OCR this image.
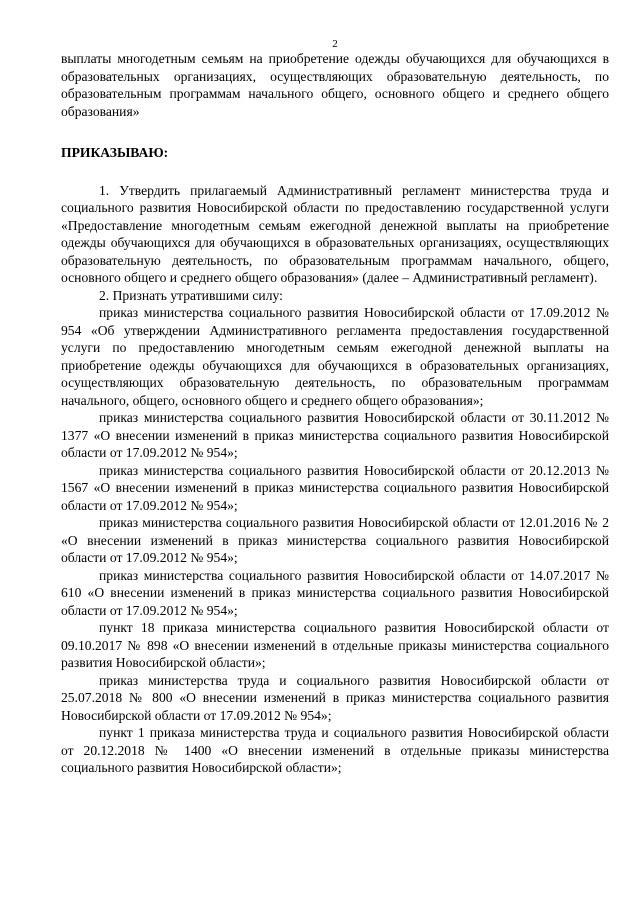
2

выплаты многодетным семьям на приобретение одежды обучающихся для обучающихся в образовательных организациях, осуществляющих образовательную деятельность, по образовательным программам начального общего, основного общего и среднего общего образования»

ПРИКАЗЫВАЮ:

1. Утвердить прилагаемый Административный регламент министерства труда и социального развития Новосибирской области по предоставлению государственной услуги «Предоставление многодетным семьям ежегодной денежной выплаты на приобретение одежды обучающихся для обучающихся в образовательных организациях, осуществляющих образовательную деятельность, по образовательным программам начального, общего, основного общего и среднего общего образования» (далее – Административный регламент).

2. Признать утратившими силу:

приказ министерства социального развития Новосибирской области от 17.09.2012 № 954 «Об утверждении Административного регламента предоставления государственной услуги по предоставлению многодетным семьям ежегодной денежной выплаты на приобретение одежды обучающихся для обучающихся в образовательных организациях, осуществляющих образовательную деятельность, по образовательным программам начального, общего, основного общего и среднего общего образования»;

приказ министерства социального развития Новосибирской области от 30.11.2012 № 1377 «О внесении изменений в приказ министерства социального развития Новосибирской области от 17.09.2012 № 954»;

приказ министерства социального развития Новосибирской области от 20.12.2013 № 1567 «О внесении изменений в приказ министерства социального развития Новосибирской области от 17.09.2012 № 954»;

приказ министерства социального развития Новосибирской области от 12.01.2016 № 2 «О внесении изменений в приказ министерства социального развития Новосибирской области от 17.09.2012 № 954»;

приказ министерства социального развития Новосибирской области от 14.07.2017 № 610 «О внесении изменений в приказ министерства социального развития Новосибирской области от 17.09.2012 № 954»;

пункт 18 приказа министерства социального развития Новосибирской области от 09.10.2017 № 898 «О внесении изменений в отдельные приказы министерства социального развития Новосибирской области»;

приказ министерства труда и социального развития Новосибирской области от 25.07.2018 № 800 «О внесении изменений в приказ министерства социального развития Новосибирской области от 17.09.2012 № 954»;

пункт 1 приказа министерства труда и социального развития Новосибирской области от 20.12.2018 № 1400 «О внесении изменений в отдельные приказы министерства социального развития Новосибирской области»;
